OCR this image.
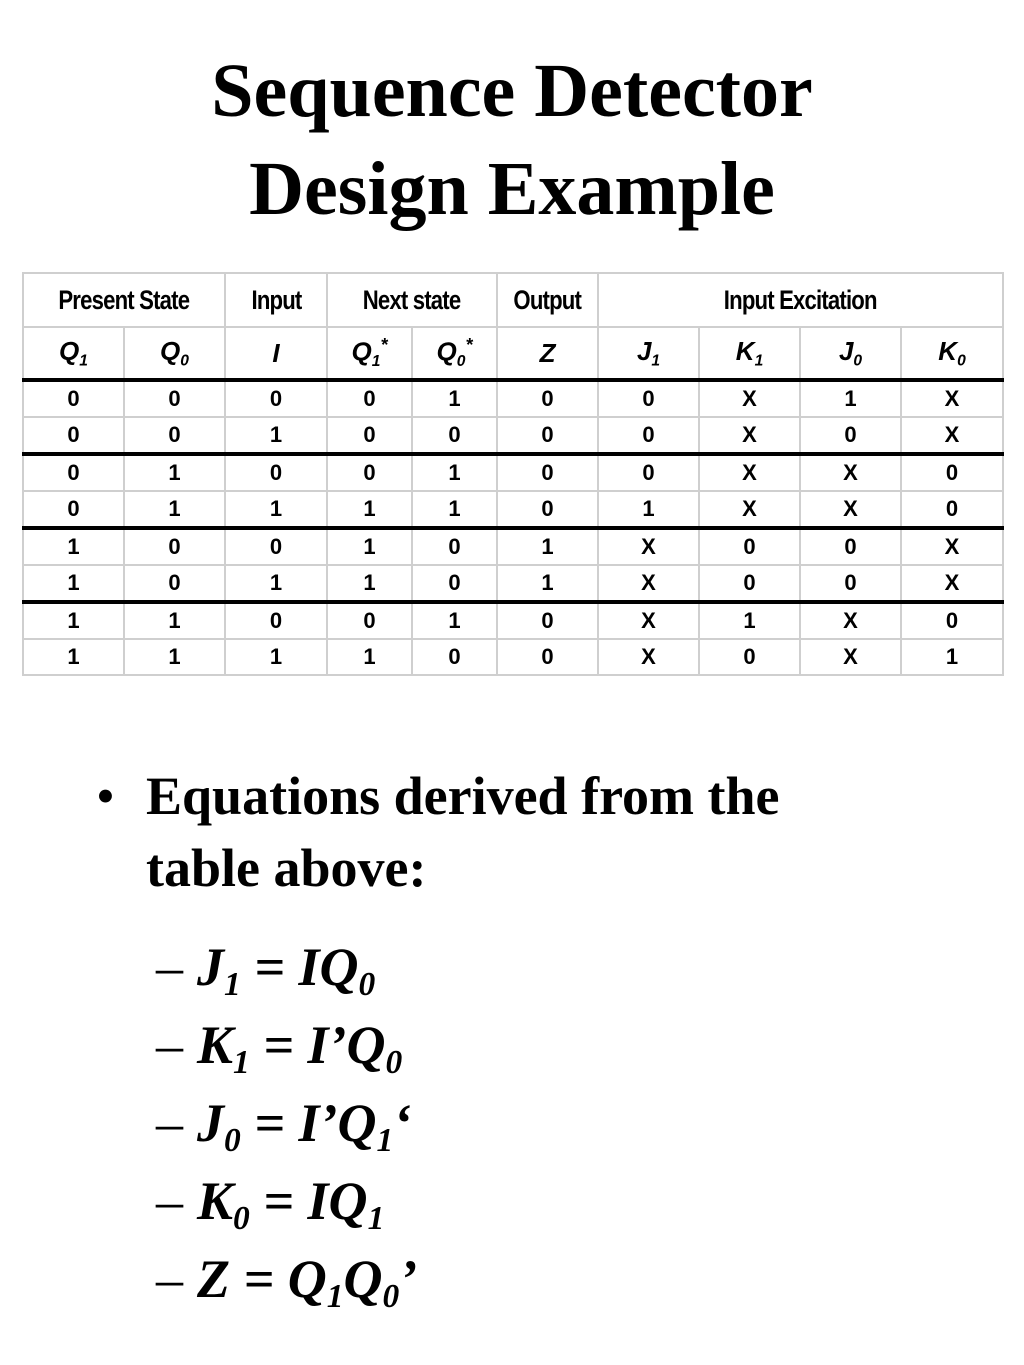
Sequence Detector
Design Example
Present State		Input	Next state		Output	Input Excitation			
$Q_1$	$Q_0$	I	$Q_1^*$	$Q_0^*$	Z	$J_1$	$K_1$	$J_0$	$K_0$
0	0	0	0	1	0	0	X	1	X
0	0	1	0	0	0	0	X	0	X
0	1	0	0	1	0	0	X	X	0
0	1	1	1	1	0	1	X	X	0
1	0	0	1	0	1	X	0	0	X
1	0	1	1	0	1	X	0	0	X
1	1	0	0	1	0	X	1	X	0
1	1	1	1	0	0	X	0	X	1
• Equations derived from the
table above:
– $J_1 = IQ_0$
– $K_1$ = $I’Q_0$
– $J_0$ = $I’Q_1‘$
– $K_0 = IQ_1$
– $Z = Q_1Q_0$’
